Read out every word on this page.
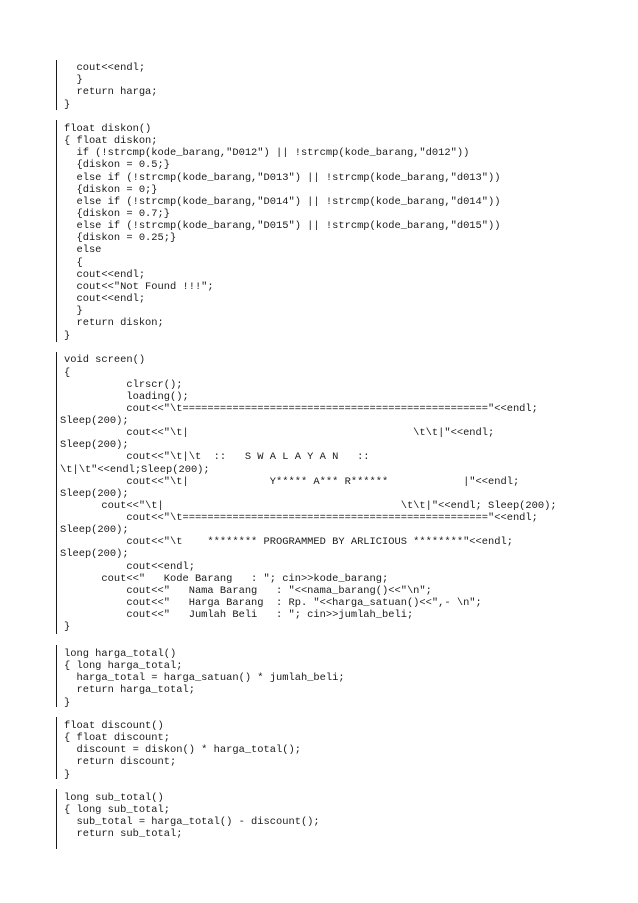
cout<<endl;
}
return harga;
}
float diskon()
{ float diskon;
if (!strcmp(kode_barang,"D012") || !strcmp(kode_barang,"d012"))
{diskon = 0.5;}
else if (!strcmp(kode_barang,"D013") || !strcmp(kode_barang,"d013"))
{diskon = 0;}
else if (!strcmp(kode_barang,"D014") || !strcmp(kode_barang,"d014"))
{diskon = 0.7;}
else if (!strcmp(kode_barang,"D015") || !strcmp(kode_barang,"d015"))
{diskon = 0.25;}
else
{
cout<<endl;
cout<<"Not Found !!!";
cout<<endl;
}
return diskon;
}
void screen()
{
clrscr();
loading();
cout<<"\t================================================="<<endl;
Sleep(200);
cout<<"\t|                                    \t\t|"<<endl;
Sleep(200);
cout<<"\t|\t  ::   S W A L A Y A N   ::
\t|\t"<<endl;Sleep(200);
cout<<"\t|             Y***** A*** R******            |"<<endl;
Sleep(200);
cout<<"\t|                                      \t\t|"<<endl; Sleep(200);
cout<<"\t================================================="<<endl;
Sleep(200);
cout<<"\t    ******** PROGRAMMED BY ARLICIOUS ********"<<endl;
Sleep(200);
cout<<endl;
cout<<"   Kode Barang   : "; cin>>kode_barang;
cout<<"   Nama Barang   : "<<nama_barang()<<"\n";
cout<<"   Harga Barang  : Rp. "<<harga_satuan()<<",- \n";
cout<<"   Jumlah Beli   : "; cin>>jumlah_beli;
}
long harga_total()
{ long harga_total;
harga_total = harga_satuan() * jumlah_beli;
return harga_total;
}
float discount()
{ float discount;
discount = diskon() * harga_total();
return discount;
}
long sub_total()
{ long sub_total;
sub_total = harga_total() - discount();
return sub_total;
